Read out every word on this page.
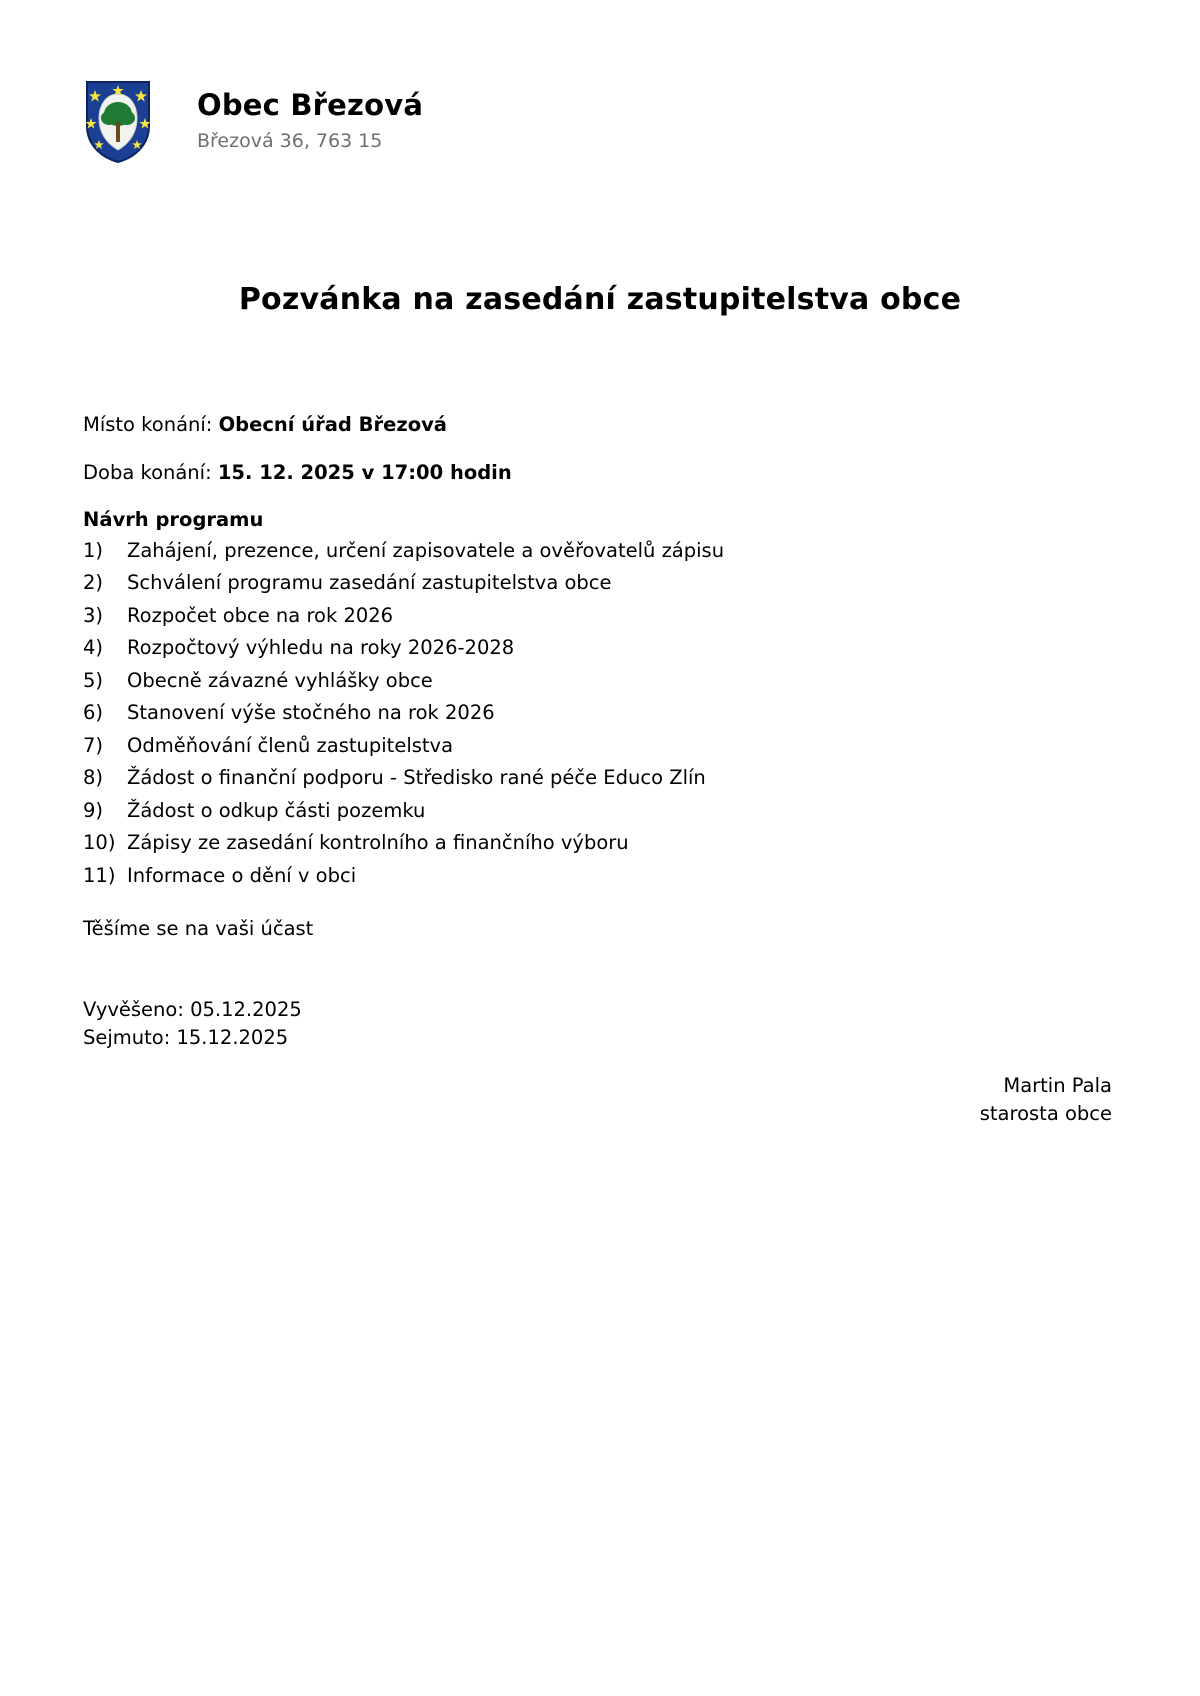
Obec Březová
Březová 36, 763 15
Pozvánka na zasedání zastupitelstva obce

Místo konání: Obecní úřad Březová

Doba konání: 15. 12. 2025 v 17:00 hodin

Návrh programu
1)	Zahájení, prezence, určení zapisovatele a ověřovatelů zápisu
2)	Schválení programu zasedání zastupitelstva obce
3)	Rozpočet obce na rok 2026
4)	Rozpočtový výhledu na roky 2026-2028
5)	Obecně závazné vyhlášky obce
6)	Stanovení výše stočného na rok 2026
7)	Odměňování členů zastupitelstva
8)	Žádost o finanční podporu - Středisko rané péče Educo Zlín
9)	Žádost o odkup části pozemku
10) Zápisy ze zasedání kontrolního a finančního výboru
11) Informace o dění v obci
Těšíme se na vaši účast
Vyvěšeno: 05.12.2025
Sejmuto: 15.12.2025
Martin Pala
starosta obce
